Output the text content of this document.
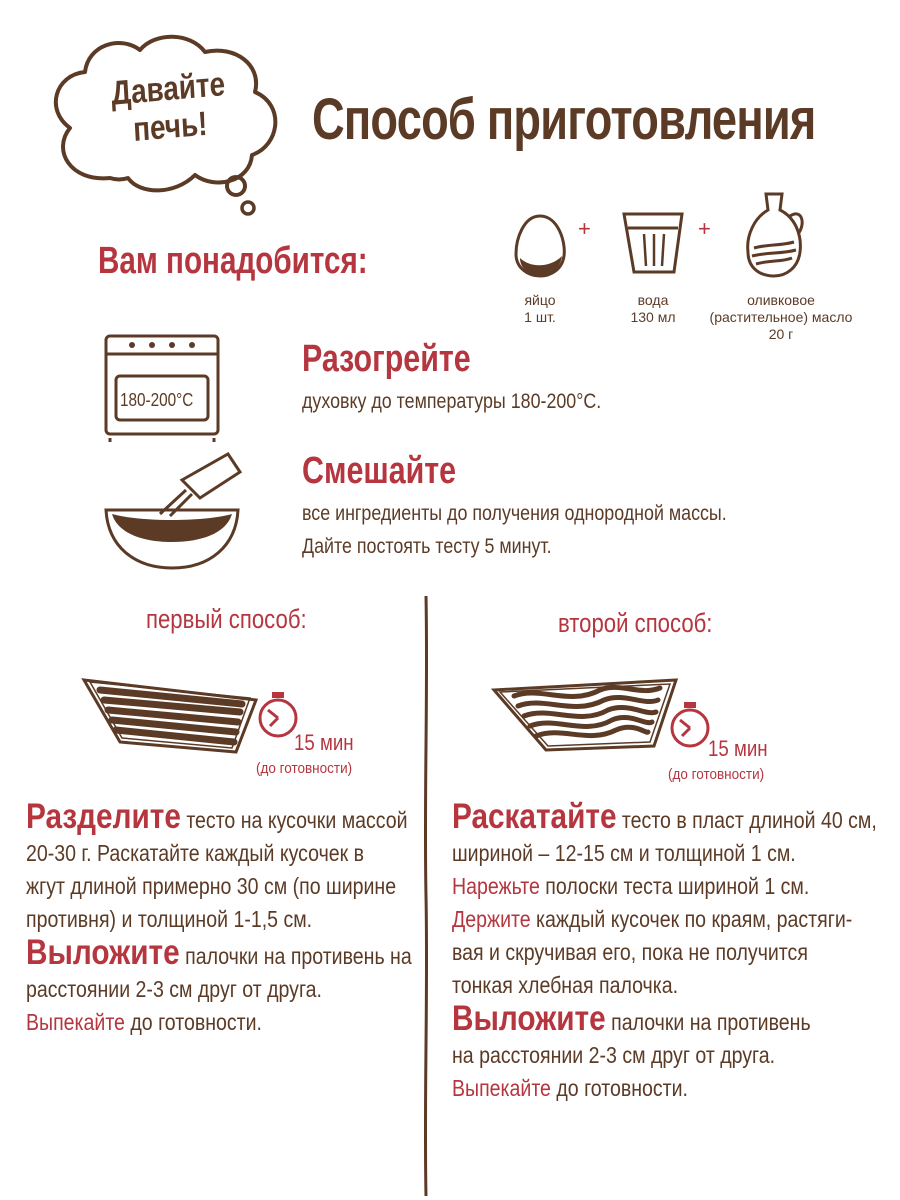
Давайте печь!	Способ приготовления
Вам понадобится:
+	+
яйцо
1 шт.
вода
130 мл
оливковое (растительное) масло
20 г
180-200°C
Разогрейте
духовку до температуры 180-200°С.
Смешайте
все ингредиенты до получения однородной массы.
Дайте постоять тесту 5 минут.
первый способ:
15 мин
(до готовности)
Разделите тесто на кусочки массой
20-30 г. Раскатайте каждый кусочек в
жгут длиной примерно 30 см (по ширине
противня) и толщиной 1-1,5 см.
Выложите палочки на противень на
расстоянии 2-3 см друг от друга.
Выпекайте до готовности.
второй способ:
15 мин
(до готовности)
Раскатайте тесто в пласт длиной 40 см,
шириной – 12-15 см и толщиной 1 см.
Нарежьте полоски теста шириной 1 см.
Держите каждый кусочек по краям, растяги-
вая и скручивая его, пока не получится
тонкая хлебная палочка.
Выложите палочки на противень
на расстоянии 2-3 см друг от друга.
Выпекайте до готовности.
